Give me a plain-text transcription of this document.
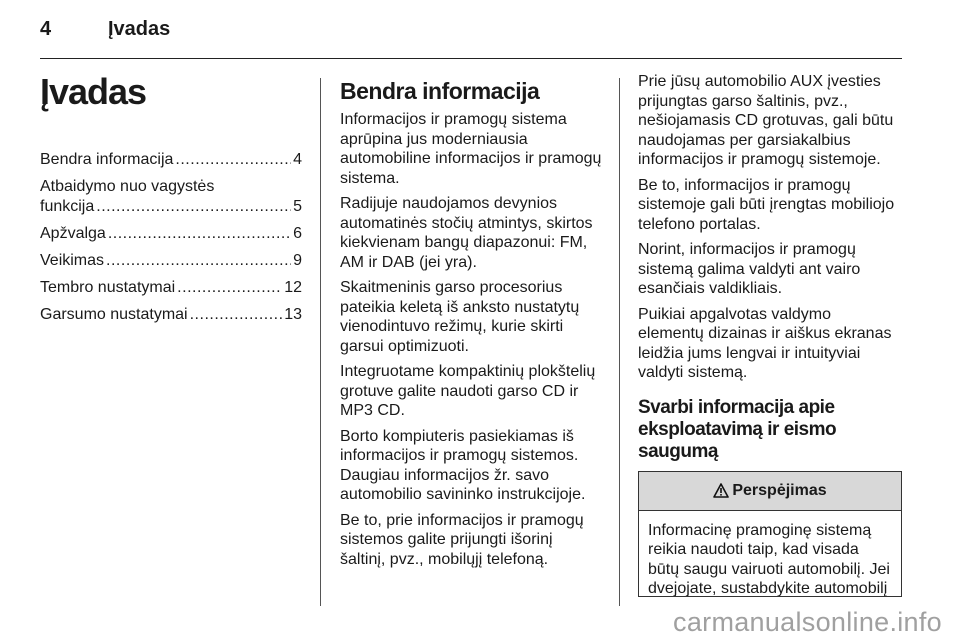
4	Įvadas
Įvadas
Bendra informacija .....	4
Atbaidymo nuo vagystės
funkcija .....	5
Apžvalga .....	6
Veikimas .....	9
Tembro nustatymai .....	12
Garsumo nustatymai .....	13
Bendra informacija

Informacijos ir pramogų sistema aprūpina jus moderniausia automobiline informacijos ir pramogų sistema.

Radijuje naudojamos devynios automatinės stočių atmintys, skirtos kiekvienam bangų diapazonui: FM, AM ir DAB (jei yra).

Skaitmeninis garso procesorius pateikia keletą iš anksto nustatytų vienodintuvo režimų, kurie skirti garsui optimizuoti.

Integruotame kompaktinių plokštelių grotuve galite naudoti garso CD ir MP3 CD.

Borto kompiuteris pasiekiamas iš informacijos ir pramogų sistemos. Daugiau informacijos žr. savo automobilio savininko instrukcijoje.

Be to, prie informacijos ir pramogų sistemos galite prijungti išorinį šaltinį, pvz., mobilųjį telefoną.

Prie jūsų automobilio AUX įvesties prijungtas garso šaltinis, pvz., nešiojamasis CD grotuvas, gali būtu naudojamas per garsiakalbius informacijos ir pramogų sistemoje.

Be to, informacijos ir pramogų sistemoje gali būti įrengtas mobiliojo telefono portalas.

Norint, informacijos ir pramogų sistemą galima valdyti ant vairo esančiais valdikliais.

Puikiai apgalvotas valdymo elementų dizainas ir aiškus ekranas leidžia jums lengvai ir intuityviai valdyti sistemą.

Svarbi informacija apie eksploatavimą ir eismo saugumą
Perspėjimas
Informacinę pramoginę sistemą reikia naudoti taip, kad visada būtų saugu vairuoti automobilį. Jei dvejojate, sustabdykite automobilį
carmanualsonline.info
